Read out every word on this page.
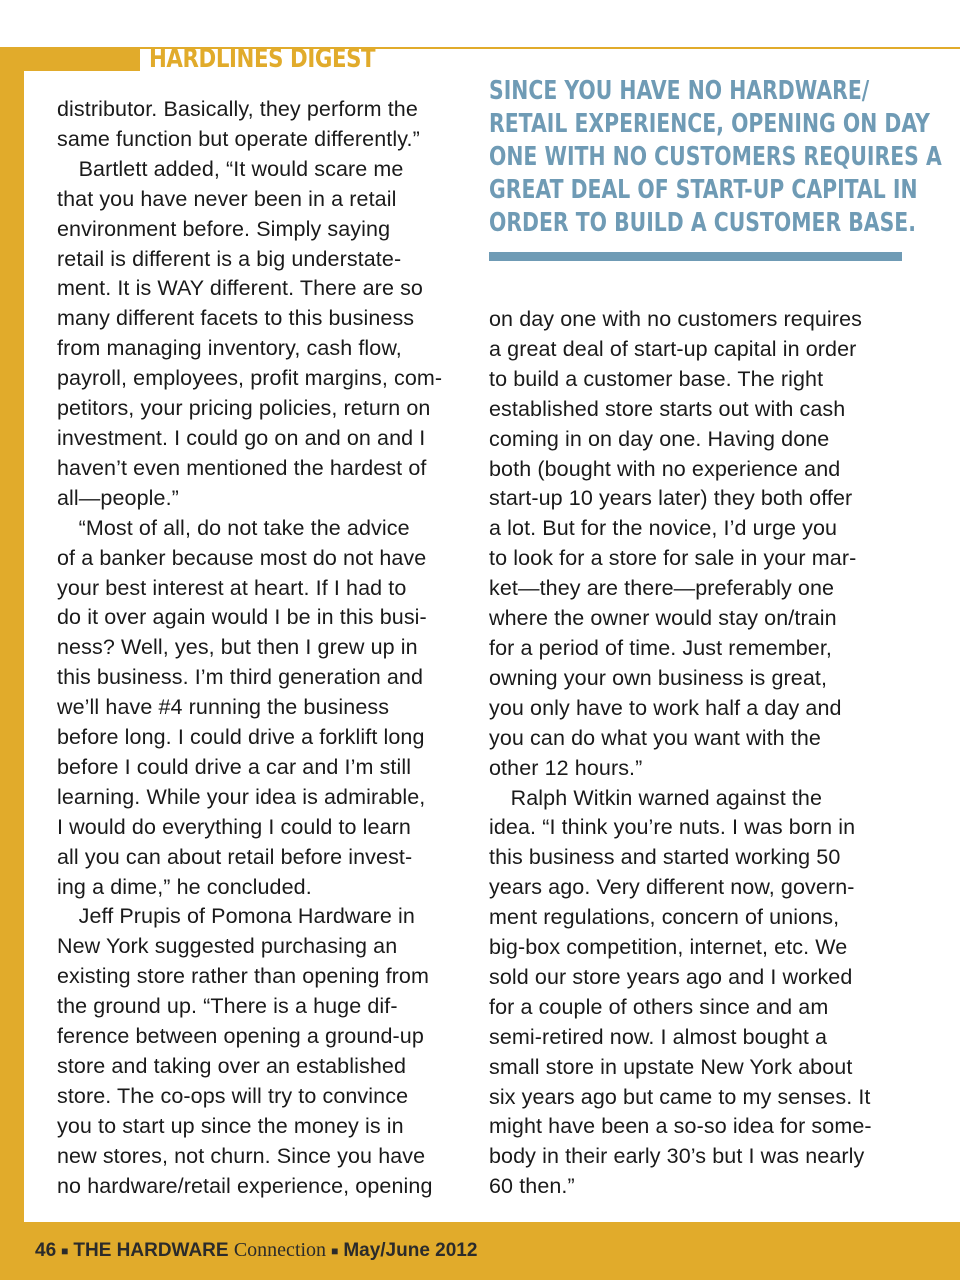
HARDLINES DIGEST

distributor. Basically, they perform the

same function but operate differently.”

 Bartlett added, “It would scare me

that you have never been in a retail

environment before. Simply saying

retail is different is a big understate-

ment. It is WAY different. There are so

many different facets to this business

from managing inventory, cash flow,

payroll, employees, profit margins, com-

petitors, your pricing policies, return on

investment. I could go on and on and I

haven’t even mentioned the hardest of

all—people.”

 “Most of all, do not take the advice

of a banker because most do not have

your best interest at heart. If I had to

do it over again would I be in this busi-

ness? Well, yes, but then I grew up in

this business. I’m third generation and

we’ll have #4 running the business

before long. I could drive a forklift long

before I could drive a car and I’m still

learning. While your idea is admirable,

I would do everything I could to learn

all you can about retail before invest-

ing a dime,” he concluded.

 Jeff Prupis of Pomona Hardware in

New York suggested purchasing an

existing store rather than opening from

the ground up. “There is a huge dif-

ference between opening a ground-up

store and taking over an established

store. The co-ops will try to convince

you to start up since the money is in

new stores, not churn. Since you have

no hardware/retail experience, opening

SINCE YOU HAVE NO HARDWARE/

RETAIL EXPERIENCE, OPENING ON DAY

ONE WITH NO CUSTOMERS REQUIRES A

GREAT DEAL OF START-UP CAPITAL IN

ORDER TO BUILD A CUSTOMER BASE.

on day one with no customers requires

a great deal of start-up capital in order

to build a customer base. The right

established store starts out with cash

coming in on day one. Having done

both (bought with no experience and

start-up 10 years later) they both offer

a lot. But for the novice, I’d urge you

to look for a store for sale in your mar-

ket—they are there—preferably one

where the owner would stay on/train

for a period of time. Just remember,

owning your own business is great,

you only have to work half a day and

you can do what you want with the

other 12 hours.”

 Ralph Witkin warned against the

idea. “I think you’re nuts. I was born in

this business and started working 50

years ago. Very different now, govern-

ment regulations, concern of unions,

big-box competition, internet, etc. We

sold our store years ago and I worked

for a couple of others since and am

semi-retired now. I almost bought a

small store in upstate New York about

six years ago but came to my senses. It

might have been a so-so idea for some-

body in their early 30’s but I was nearly

60 then.”

46 ■ THE HARDWARE Connection ■ May/June 2012
